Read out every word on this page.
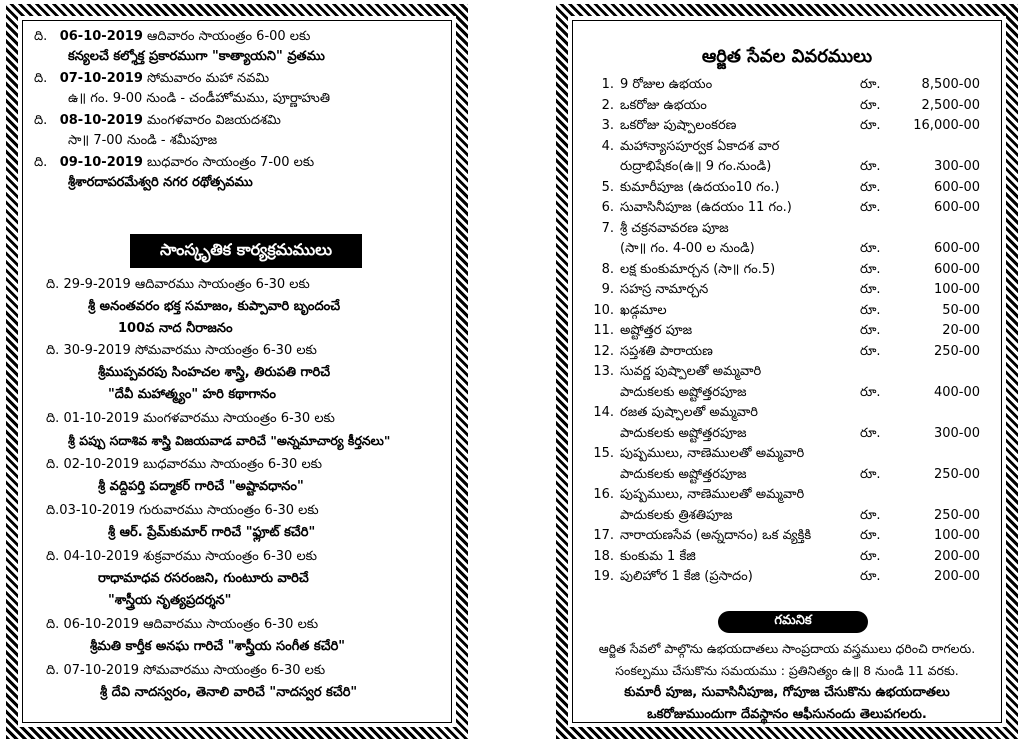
ది. 06-10-2019 ఆదివారం సాయంత్రం 6-00 లకు
కన్యలచే కల్శోక్త ప్రకారముగా "కాత్యాయని" వ్రతము
ది. 07-10-2019 సోమవారం మహా నవమి
ఉ॥ గం. 9-00 నుండి - చండీహోమము, పూర్ణాహుతి
ది. 08-10-2019 మంగళవారం విజయదశమి
సా॥ 7-00 నుండి - శమీపూజ
ది. 09-10-2019 బుధవారం సాయంత్రం 7-00 లకు
శ్రీశారదాపరమేశ్వరి నగర రథోత్సవము
సాంస్కృతిక కార్యక్రమములు
ది. 29-9-2019 ఆదివారము సాయంత్రం 6-30 లకు
శ్రీ అనంతవరం భక్త సమాజం, కుప్పావారి బృందంచే
100వ నాద నీరాజనం
ది. 30-9-2019 సోమవారము సాయంత్రం 6-30 లకు
శ్రీముప్పవరపు సింహచల శాస్త్రి, తిరుపతి గారిచే
"దేవీ మహాత్మ్యం" హరి కథాగానం
ది. 01-10-2019 మంగళవారము సాయంత్రం 6-30 లకు
శ్రీ పప్పు సదాశివ శాస్త్రి విజయవాడ వారిచే "అన్నమాచార్య కీర్తనలు"
ది. 02-10-2019 బుధవారము సాయంత్రం 6-30 లకు
శ్రీ వద్దిపర్తి పద్మాకర్ గారిచే "అష్టావధానం"
ది.03-10-2019 గురువారము సాయంత్రం 6-30 లకు
శ్రీ ఆర్. ప్రేమ్‌కుమార్ గారిచే "ఫ్లూట్ కచేరి"
ది. 04-10-2019 శుక్రవారము సాయంత్రం 6-30 లకు
రాధామాధవ రసరంజని, గుంటూరు వారిచే
"శాస్త్రీయ నృత్యప్రదర్శన"
ది. 06-10-2019 ఆదివారము సాయంత్రం 6-30 లకు
శ్రీమతి కార్తీక అనఘ గారిచే "శాస్త్రీయ సంగీత కచేరి"
ది. 07-10-2019 సోమవారము సాయంత్రం 6-30 లకు
శ్రీ దేవి నాదస్వరం, తెనాలి వారిచే "నాదస్వర కచేరి"
ఆర్జిత సేవల వివరములు
1. 9 రోజుల ఉభయం	రూ.	8,500-00
2. ఒకరోజు ఉభయం	రూ.	2,500-00
3. ఒకరోజు పుష్పాలంకరణ	రూ.	16,000-00
4. మహాన్యాసపూర్వక ఏకాదశ వార
రుద్రాభిషేకం(ఉ॥ 9 గం.నుండి)	రూ.	300-00
5. కుమారీపూజ (ఉదయం10 గం.)	రూ.	600-00
6. సువాసినీపూజ (ఉదయం 11 గం.)	రూ.	600-00
7. శ్రీ చక్రనవావరణ పూజ
(సా॥ గం. 4-00 ల నుండి)	రూ.	600-00
8. లక్ష కుంకుమార్చన (సా॥ గం.5)	రూ.	600-00
9. సహస్ర నామార్చన	రూ.	100-00
10. ఖడ్గమాల	రూ.	50-00
11. అష్టోత్తర పూజ	రూ.	20-00
12. సప్తశతి పారాయణ	రూ.	250-00
13. సువర్ణ పుష్పాలతో అమ్మవారి
పాదుకలకు అష్టోత్తరపూజ	రూ.	400-00
14. రజత పుష్పాలతో అమ్మవారి
పాదుకలకు అష్టోత్తరపూజ	రూ.	300-00
15. పుష్పములు, నాణెములతో అమ్మవారి
పాదుకలకు అష్టోత్తరపూజ	రూ.	250-00
16. పుష్పములు, నాణెములతో అమ్మవారి
పాదుకలకు త్రిశతిపూజ	రూ.	250-00
17. నారాయణసేవ (అన్నదానం) ఒక వ్యక్తికి	రూ.	100-00
18. కుంకుమ 1 కేజి	రూ.	200-00
19. పులిహోర 1 కేజి (ప్రసాదం)	రూ.	200-00
గమనిక
ఆర్జిత సేవలో పాల్గొను ఉభయదాతలు సాంప్రదాయ వస్త్రములు ధరించి రాగలరు.
సంకల్పము చేసుకొను సమయము : ప్రతినిత్యం ఉ॥ 8 నుండి 11 వరకు.
కుమారీ పూజ, సువాసినీపూజ, గోపూజ చేసుకొను ఉభయదాతలు
ఒకరోజుముందుగా దేవస్థానం ఆఫీసునందు తెలుపగలరు.
